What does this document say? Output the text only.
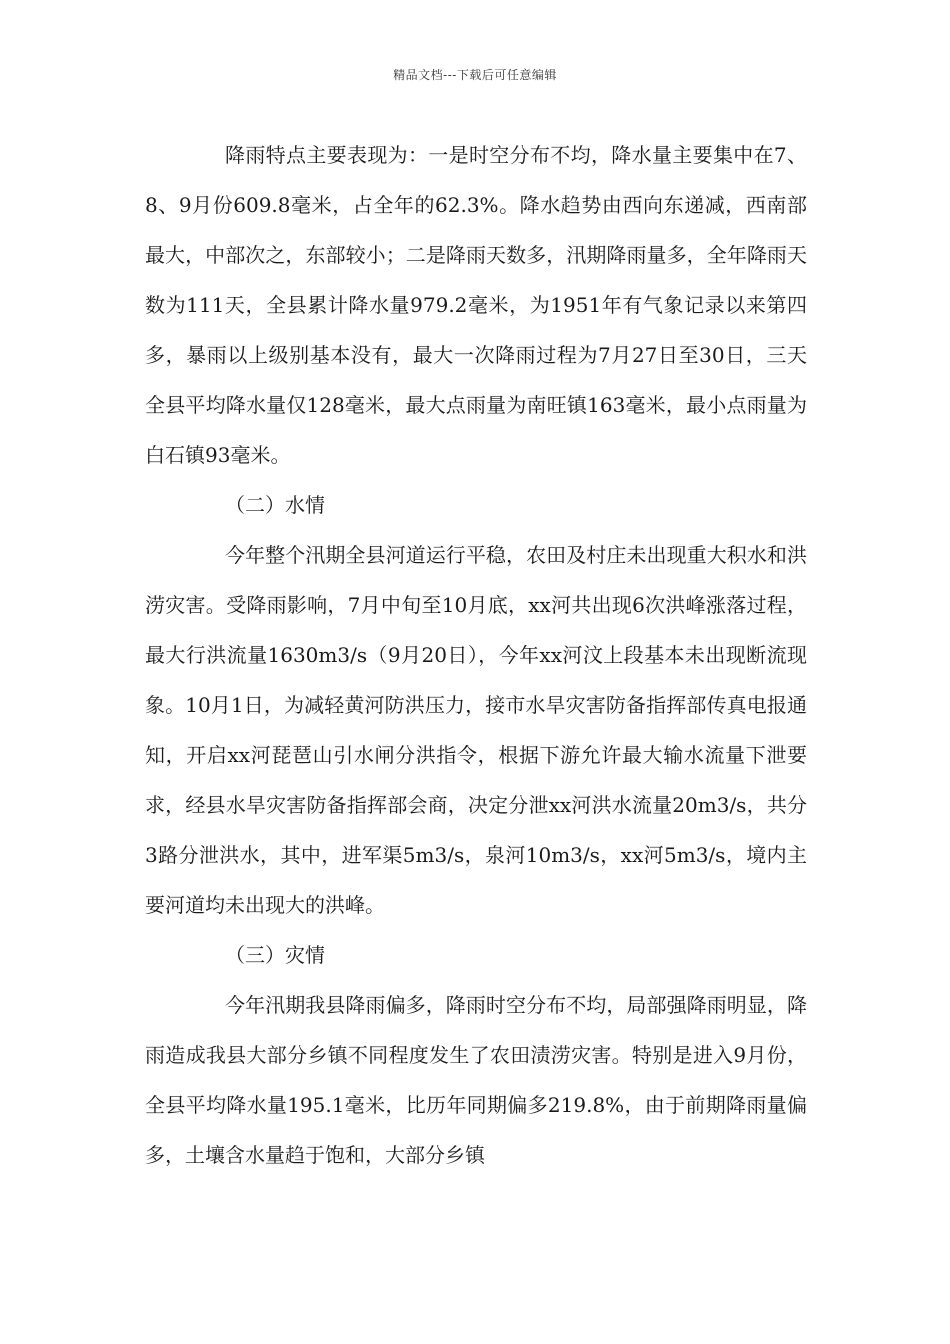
精品文档---下载后可任意编辑

降雨特点主要表现为：一是时空分布不均，降水量主要集中在7、8、9月份609.8毫米，占全年的62.3%。降水趋势由西向东递减，西南部最大，中部次之，东部较小；二是降雨天数多，汛期降雨量多，全年降雨天数为111天，全县累计降水量979.2毫米，为1951年有气象记录以来第四多，暴雨以上级别基本没有，最大一次降雨过程为7月27日至30日，三天全县平均降水量仅128毫米，最大点雨量为南旺镇163毫米，最小点雨量为白石镇93毫米。

（二）水情

今年整个汛期全县河道运行平稳，农田及村庄未出现重大积水和洪涝灾害。受降雨影响，7月中旬至10月底，xx河共出现6次洪峰涨落过程，最大行洪流量1630m3/s（9月20日），今年xx河汶上段基本未出现断流现象。10月1日，为减轻黄河防洪压力，接市水旱灾害防备指挥部传真电报通知，开启xx河琵琶山引水闸分洪指令，根据下游允许最大输水流量下泄要求，经县水旱灾害防备指挥部会商，决定分泄xx河洪水流量20m3/s，共分3路分泄洪水，其中，进军渠5m3/s，泉河10m3/s，xx河5m3/s，境内主要河道均未出现大的洪峰。

（三）灾情

今年汛期我县降雨偏多，降雨时空分布不均，局部强降雨明显，降雨造成我县大部分乡镇不同程度发生了农田渍涝灾害。特别是进入9月份，全县平均降水量195.1毫米，比历年同期偏多219.8%，由于前期降雨量偏多，土壤含水量趋于饱和，大部分乡镇
